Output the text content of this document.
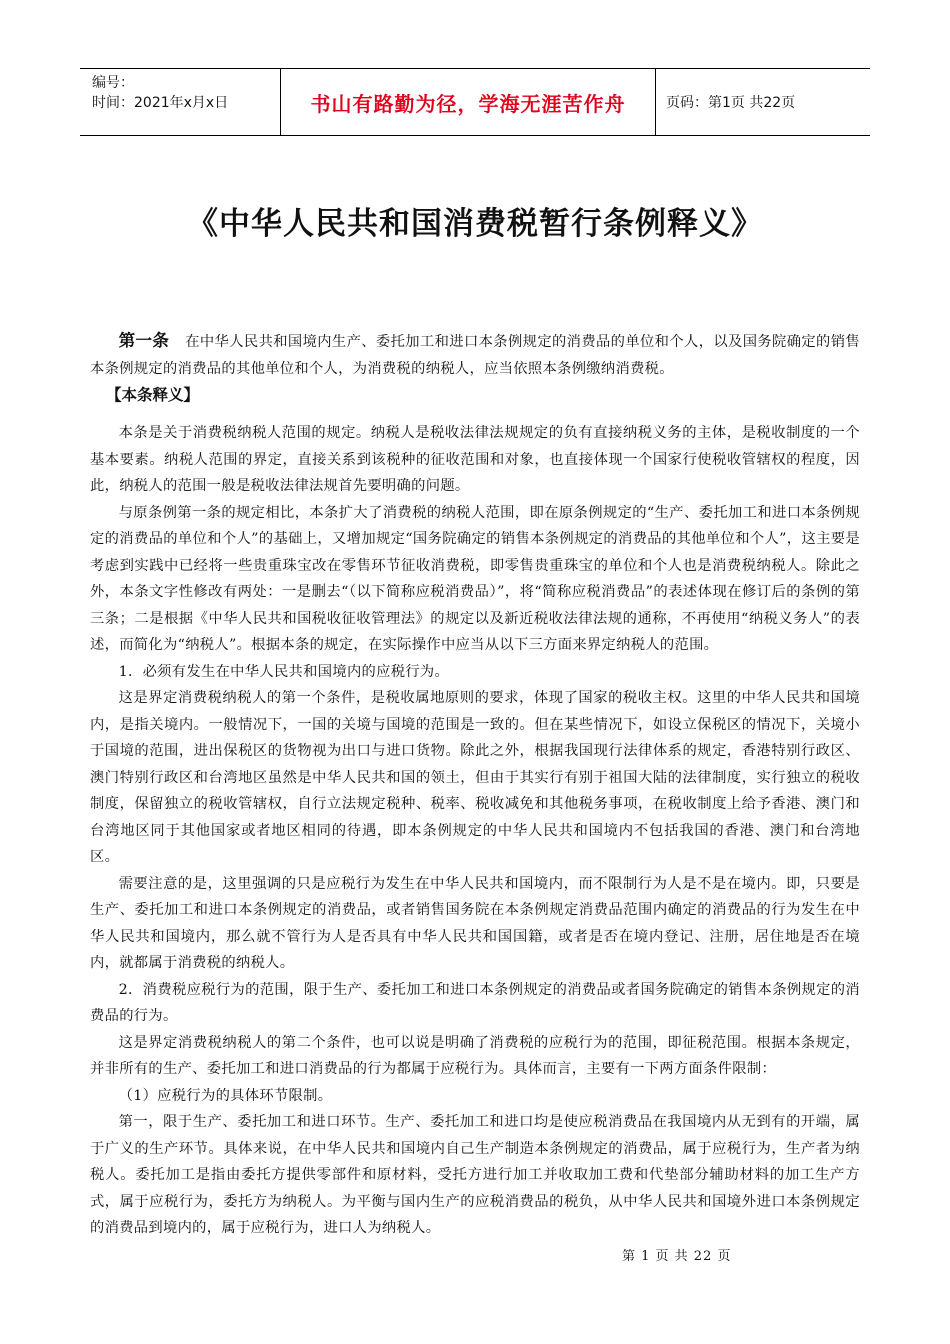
编号：
时间：2021年x月x日	书山有路勤为径，学海无涯苦作舟	页码：第1页 共22页
《中华人民共和国消费税暂行条例释义》

第一条 在中华人民共和国境内生产、委托加工和进口本条例规定的消费品的单位和个人，以及国务院确定的销售本条例规定的消费品的其他单位和个人，为消费税的纳税人，应当依照本条例缴纳消费税。

【本条释义】

本条是关于消费税纳税人范围的规定。纳税人是税收法律法规规定的负有直接纳税义务的主体，是税收制度的一个基本要素。纳税人范围的界定，直接关系到该税种的征收范围和对象，也直接体现一个国家行使税收管辖权的程度，因此，纳税人的范围一般是税收法律法规首先要明确的问题。

与原条例第一条的规定相比，本条扩大了消费税的纳税人范围，即在原条例规定的“生产、委托加工和进口本条例规定的消费品的单位和个人”的基础上，又增加规定“国务院确定的销售本条例规定的消费品的其他单位和个人”，这主要是考虑到实践中已经将一些贵重珠宝改在零售环节征收消费税，即零售贵重珠宝的单位和个人也是消费税纳税人。除此之外，本条文字性修改有两处：一是删去“（以下简称应税消费品）”，将“简称应税消费品”的表述体现在修订后的条例的第三条；二是根据《中华人民共和国税收征收管理法》的规定以及新近税收法律法规的通称，不再使用“纳税义务人”的表述，而简化为“纳税人”。根据本条的规定，在实际操作中应当从以下三方面来界定纳税人的范围。

1．必须有发生在中华人民共和国境内的应税行为。

这是界定消费税纳税人的第一个条件，是税收属地原则的要求，体现了国家的税收主权。这里的中华人民共和国境内，是指关境内。一般情况下，一国的关境与国境的范围是一致的。但在某些情况下，如设立保税区的情况下，关境小于国境的范围，进出保税区的货物视为出口与进口货物。除此之外，根据我国现行法律体系的规定，香港特别行政区、澳门特别行政区和台湾地区虽然是中华人民共和国的领土，但由于其实行有别于祖国大陆的法律制度，实行独立的税收制度，保留独立的税收管辖权，自行立法规定税种、税率、税收减免和其他税务事项，在税收制度上给予香港、澳门和台湾地区同于其他国家或者地区相同的待遇，即本条例规定的中华人民共和国境内不包括我国的香港、澳门和台湾地区。

需要注意的是，这里强调的只是应税行为发生在中华人民共和国境内，而不限制行为人是不是在境内。即，只要是生产、委托加工和进口本条例规定的消费品，或者销售国务院在本条例规定消费品范围内确定的消费品的行为发生在中华人民共和国境内，那么就不管行为人是否具有中华人民共和国国籍，或者是否在境内登记、注册，居住地是否在境内，就都属于消费税的纳税人。

2．消费税应税行为的范围，限于生产、委托加工和进口本条例规定的消费品或者国务院确定的销售本条例规定的消费品的行为。

这是界定消费税纳税人的第二个条件，也可以说是明确了消费税的应税行为的范围，即征税范围。根据本条规定，并非所有的生产、委托加工和进口消费品的行为都属于应税行为。具体而言，主要有一下两方面条件限制：

（1）应税行为的具体环节限制。

第一，限于生产、委托加工和进口环节。生产、委托加工和进口均是使应税消费品在我国境内从无到有的开端，属于广义的生产环节。具体来说，在中华人民共和国境内自己生产制造本条例规定的消费品，属于应税行为，生产者为纳税人。委托加工是指由委托方提供零部件和原材料，受托方进行加工并收取加工费和代垫部分辅助材料的加工生产方式，属于应税行为，委托方为纳税人。为平衡与国内生产的应税消费品的税负，从中华人民共和国境外进口本条例规定的消费品到境内的，属于应税行为，进口人为纳税人。

第 1 页 共 22 页
